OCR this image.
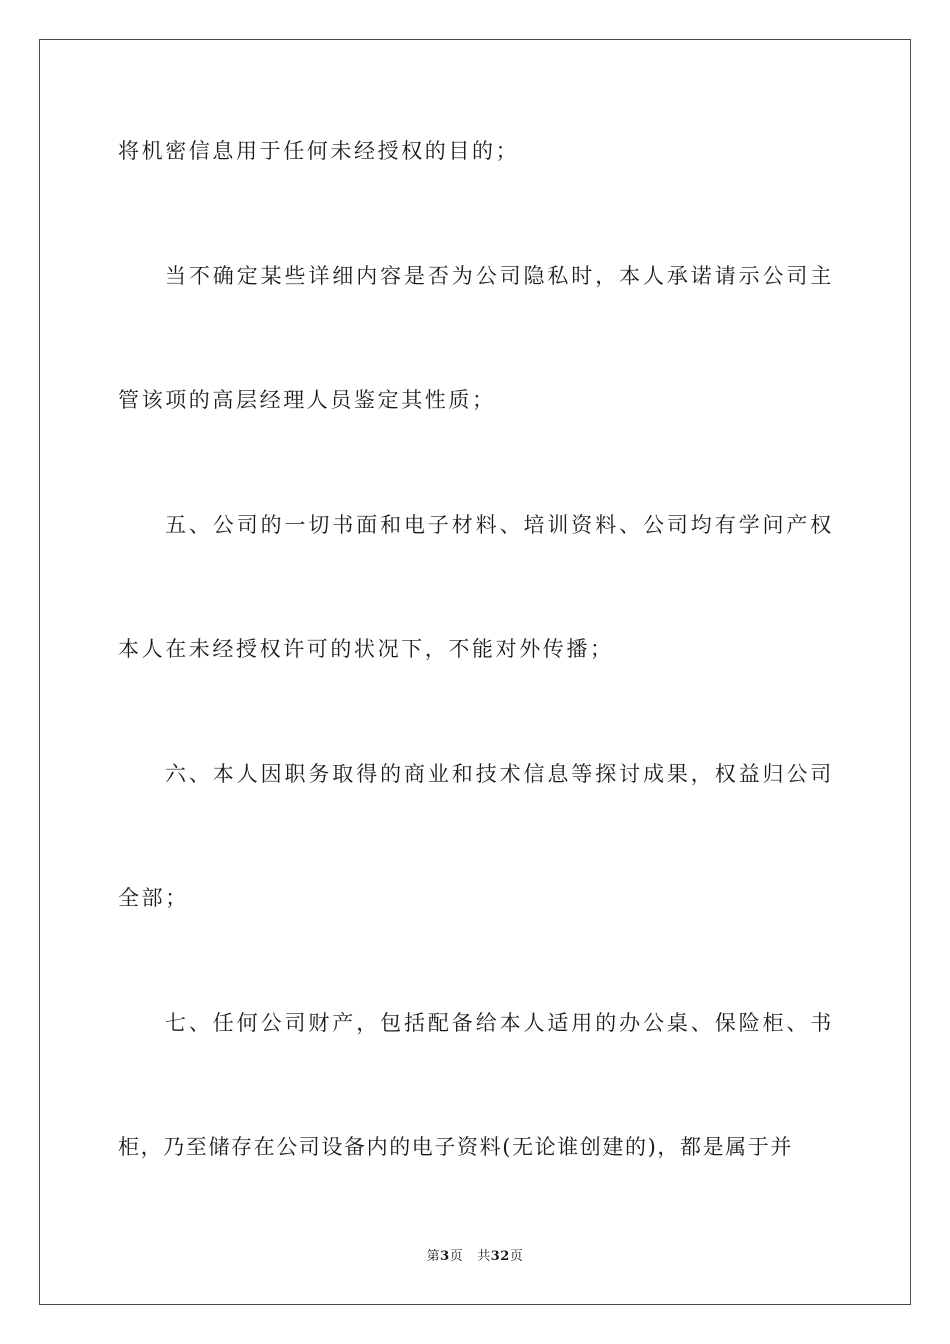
将机密信息用于任何未经授权的目的；
当不确定某些详细内容是否为公司隐私时，本人承诺请示公司主
管该项的高层经理人员鉴定其性质；
五、公司的一切书面和电子材料、培训资料、公司均有学问产权
本人在未经授权许可的状况下，不能对外传播；
六、本人因职务取得的商业和技术信息等探讨成果，权益归公司
全部；
七、任何公司财产，包括配备给本人适用的办公桌、保险柜、书
柜，乃至储存在公司设备内的电子资料(无论谁创建的)，都是属于并
第3页 共32页
